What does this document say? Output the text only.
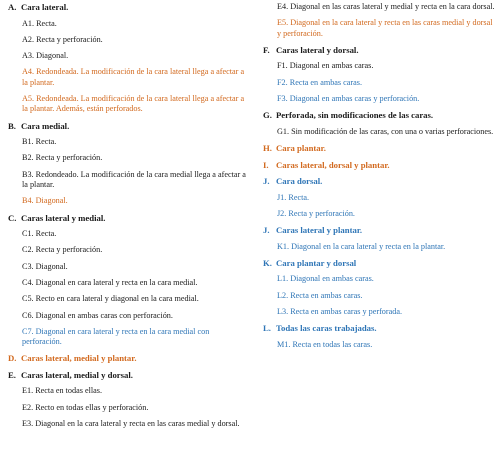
A. Cara lateral.
A1. Recta.
A2. Recta y perforación.
A3. Diagonal.
A4. Redondeada. La modificación de la cara lateral llega a afectar a la plantar.
A5. Redondeada. La modificación de la cara lateral llega a afectar a la plantar. Además, están perforados.
B. Cara medial.
B1. Recta.
B2. Recta y perforación.
B3. Redondeado. La modificación de la cara medial llega a afectar a la plantar.
B4. Diagonal.
C. Caras lateral y medial.
C1. Recta.
C2. Recta y perforación.
C3. Diagonal.
C4. Diagonal en cara lateral y recta en la cara medial.
C5. Recto en cara lateral y diagonal en la cara medial.
C6. Diagonal en ambas caras con perforación.
C7. Diagonal en cara lateral y recta en la cara medial con perforación.
D. Caras lateral, medial y plantar.
E. Caras lateral, medial y dorsal.
E1. Recta en todas ellas.
E2. Recto en todas ellas y perforación.
E3. Diagonal en la cara lateral y recta en las caras medial y dorsal.
E4. Diagonal en las caras lateral y medial y recta en la cara dorsal.
E5. Diagonal en la cara lateral y recta en las caras medial y dorsal y perforación.
F. Caras lateral y dorsal.
F1. Diagonal en ambas caras.
F2. Recta en ambas caras.
F3. Diagonal en ambas caras y perforación.
G. Perforada, sin modificaciones de las caras.
G1. Sin modificación de las caras, con una o varias perforaciones.
H. Cara plantar.
I. Caras lateral, dorsal y plantar.
J. Cara dorsal.
J1. Recta.
J2. Recta y perforación.
J. Caras lateral y plantar.
K1. Diagonal en la cara lateral y recta en la plantar.
K. Cara plantar y dorsal
L1. Diagonal en ambas caras.
L2. Recta en ambas caras.
L3. Recta en ambas caras y perforada.
L. Todas las caras trabajadas.
M1. Recta en todas las caras.
